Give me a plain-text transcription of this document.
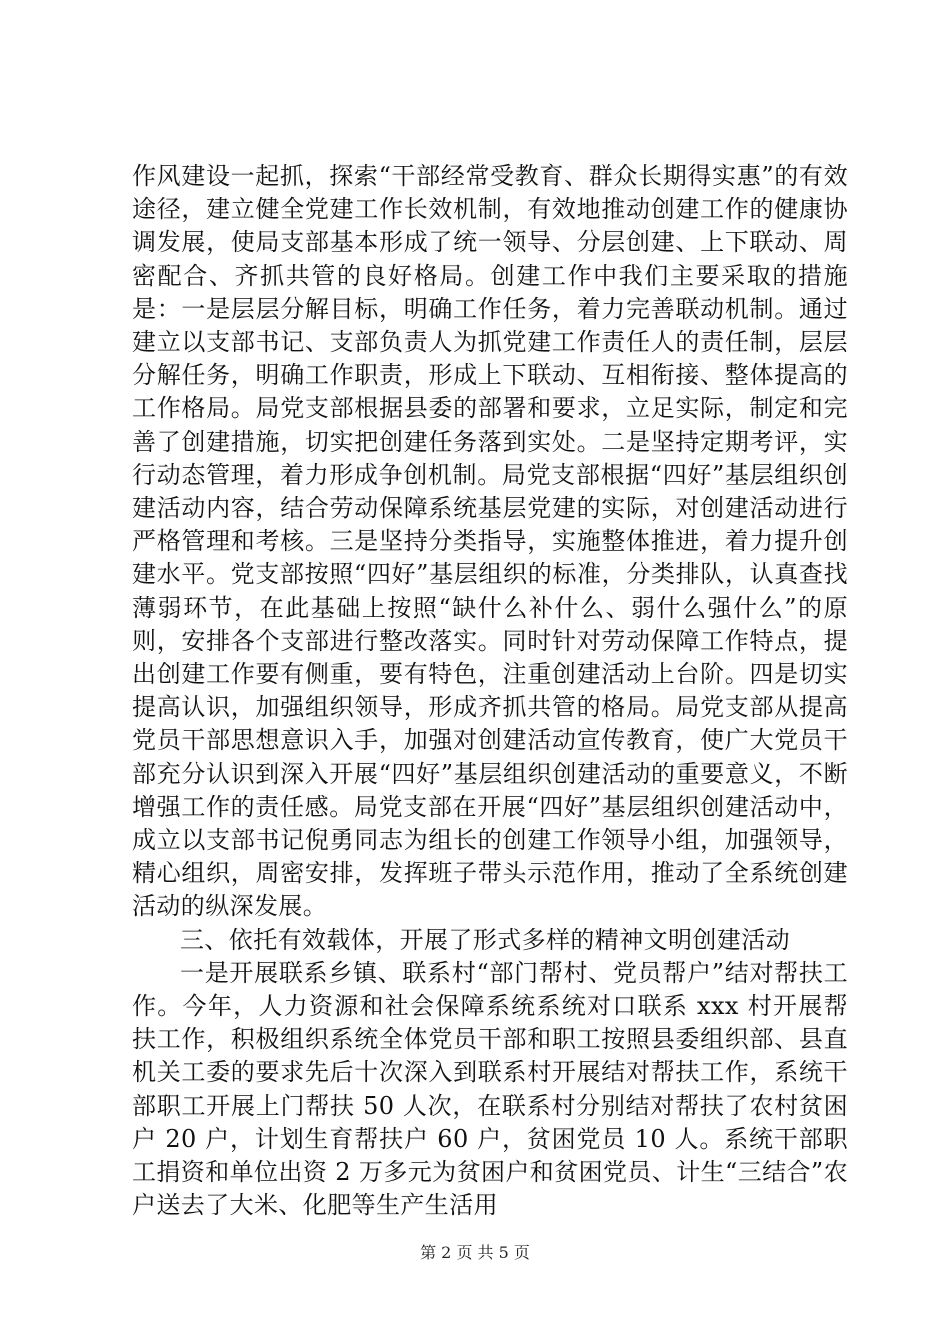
作风建设一起抓，探索“干部经常受教育、群众长期得实惠”的有效途径，建立健全党建工作长效机制，有效地推动创建工作的健康协调发展，使局支部基本形成了统一领导、分层创建、上下联动、周密配合、齐抓共管的良好格局。创建工作中我们主要采取的措施是：一是层层分解目标，明确工作任务，着力完善联动机制。通过建立以支部书记、支部负责人为抓党建工作责任人的责任制，层层分解任务，明确工作职责，形成上下联动、互相衔接、整体提高的工作格局。局党支部根据县委的部署和要求，立足实际，制定和完善了创建措施，切实把创建任务落到实处。二是坚持定期考评，实行动态管理，着力形成争创机制。局党支部根据“四好”基层组织创建活动内容，结合劳动保障系统基层党建的实际，对创建活动进行严格管理和考核。三是坚持分类指导，实施整体推进，着力提升创建水平。党支部按照“四好”基层组织的标准，分类排队，认真查找薄弱环节，在此基础上按照“缺什么补什么、弱什么强什么”的原则，安排各个支部进行整改落实。同时针对劳动保障工作特点，提出创建工作要有侧重，要有特色，注重创建活动上台阶。四是切实提高认识，加强组织领导，形成齐抓共管的格局。局党支部从提高党员干部思想意识入手，加强对创建活动宣传教育，使广大党员干部充分认识到深入开展“四好”基层组织创建活动的重要意义，不断增强工作的责任感。局党支部在开展“四好”基层组织创建活动中，成立以支部书记倪勇同志为组长的创建工作领导小组，加强领导，精心组织，周密安排，发挥班子带头示范作用，推动了全系统创建活动的纵深发展。

三、依托有效载体，开展了形式多样的精神文明创建活动

一是开展联系乡镇、联系村“部门帮村、党员帮户”结对帮扶工作。今年，人力资源和社会保障系统系统对口联系 xxx 村开展帮扶工作，积极组织系统全体党员干部和职工按照县委组织部、县直机关工委的要求先后十次深入到联系村开展结对帮扶工作，系统干部职工开展上门帮扶 50 人次，在联系村分别结对帮扶了农村贫困户 20 户，计划生育帮扶户 60 户，贫困党员 10 人。系统干部职工捐资和单位出资 2 万多元为贫困户和贫困党员、计生“三结合”农户送去了大米、化肥等生产生活用

第 2 页 共 5 页
